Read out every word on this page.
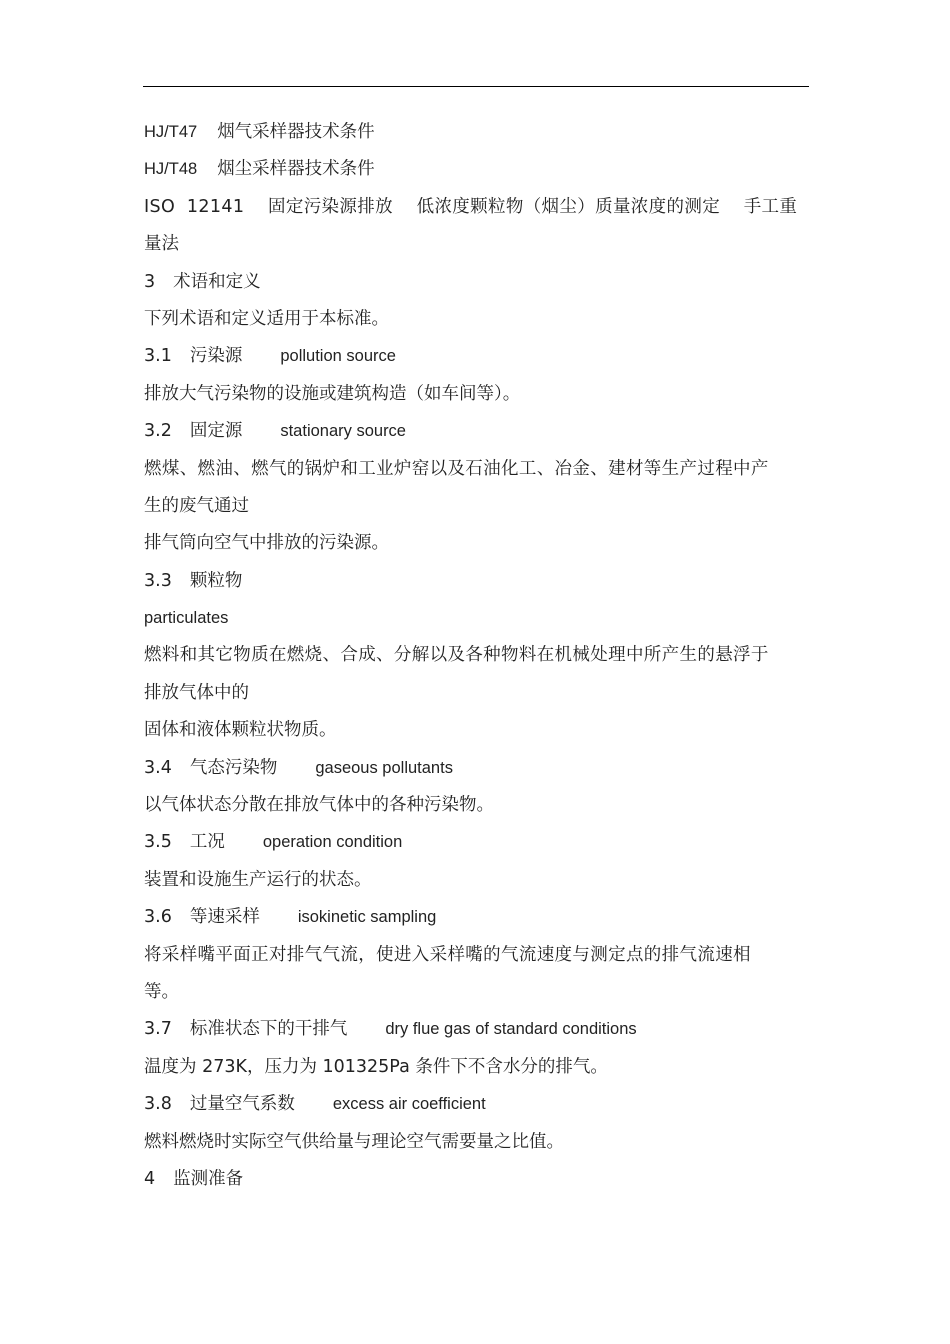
HJ/T47 烟气采样器技术条件
HJ/T48 烟尘采样器技术条件
ISO  12141    固定污染源排放    低浓度颗粒物（烟尘）质量浓度的测定    手工重
量法
3 术语和定义
下列术语和定义适用于本标准。
3.1 污染源 pollution source
排放大气污染物的设施或建筑构造（如车间等）。
3.2 固定源 stationary source
燃煤、燃油、燃气的锅炉和工业炉窑以及石油化工、冶金、建材等生产过程中产
生的废气通过
排气筒向空气中排放的污染源。
3.3 颗粒物
particulates
燃料和其它物质在燃烧、合成、分解以及各种物料在机械处理中所产生的悬浮于
排放气体中的
固体和液体颗粒状物质。
3.4 气态污染物 gaseous pollutants
以气体状态分散在排放气体中的各种污染物。
3.5 工况 operation condition
装置和设施生产运行的状态。
3.6 等速采样 isokinetic sampling
将采样嘴平面正对排气气流，使进入采样嘴的气流速度与测定点的排气流速相
等。
3.7 标准状态下的干排气 dry flue gas of standard conditions
温度为 273K，压力为 101325Pa 条件下不含水分的排气。
3.8 过量空气系数 excess air coefficient
燃料燃烧时实际空气供给量与理论空气需要量之比值。
4 监测准备
